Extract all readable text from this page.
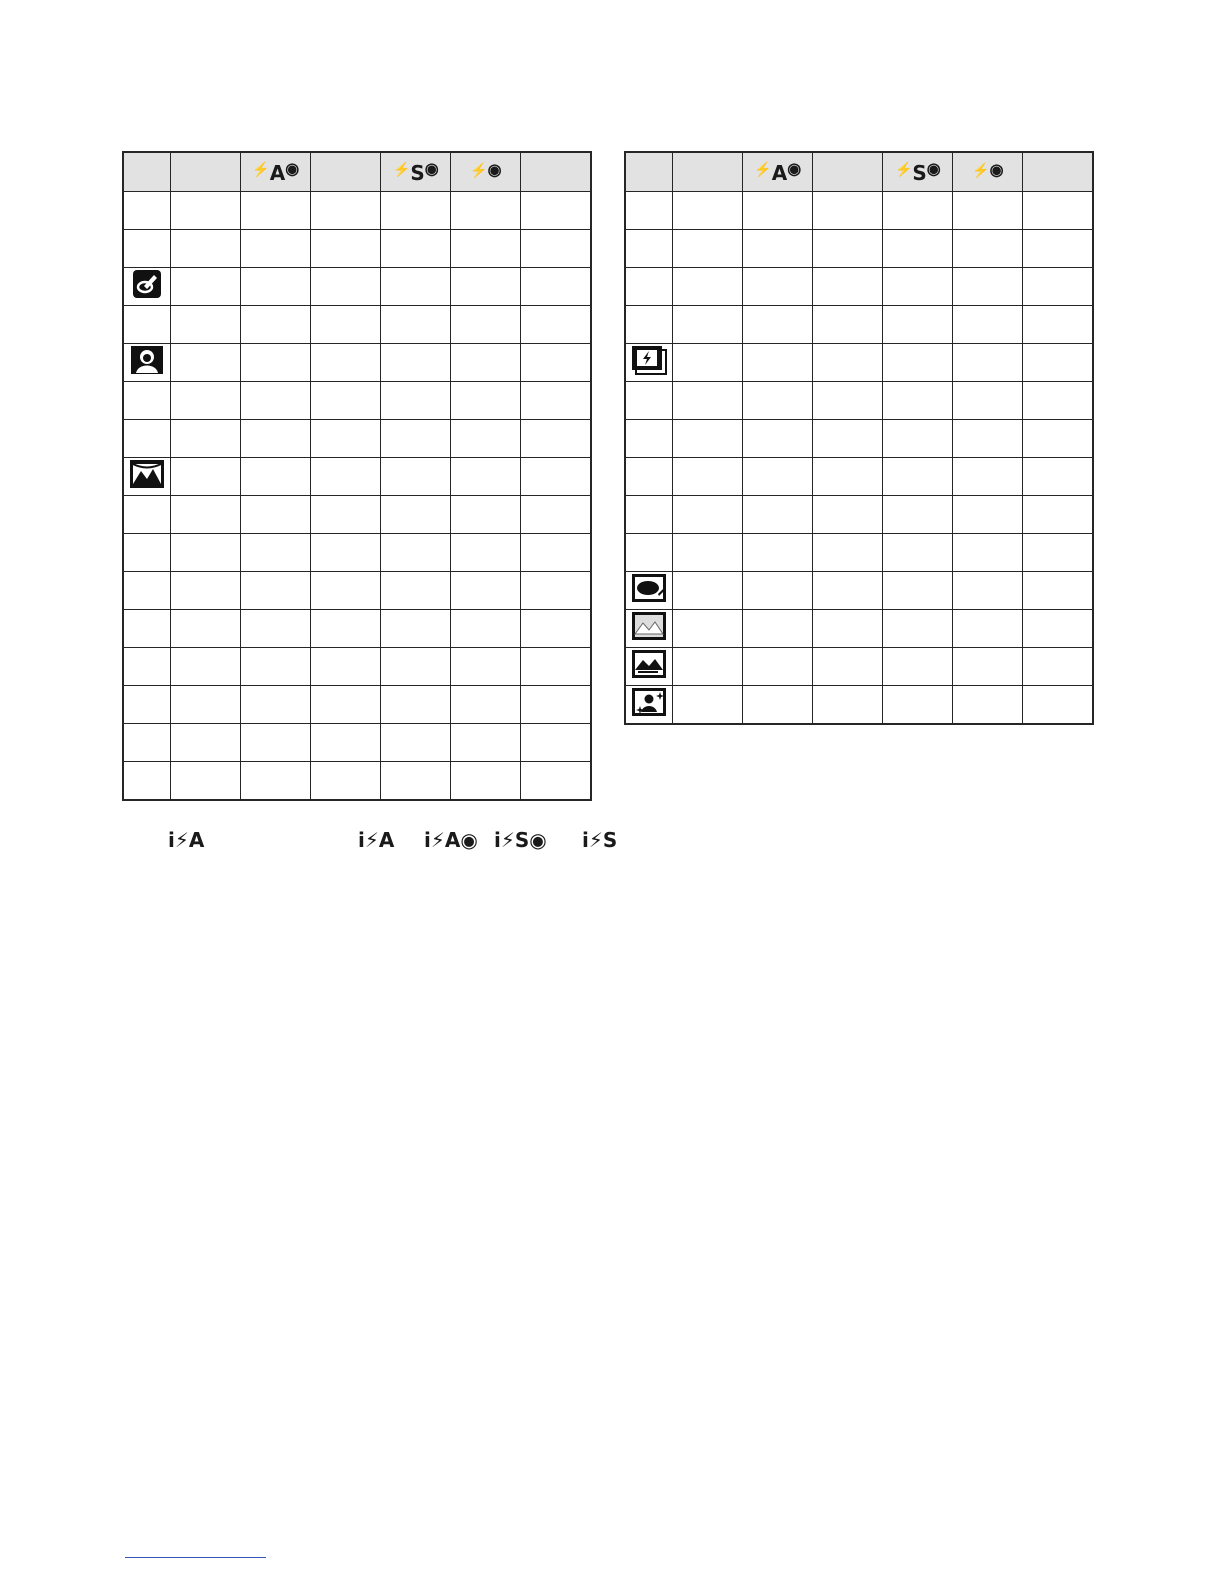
		⚡A◉		⚡S◉	⚡◉	

			⚡A◉		⚡S◉	⚡◉	

i⚡A	i⚡A i⚡A◉ i⚡S◉ i⚡S
